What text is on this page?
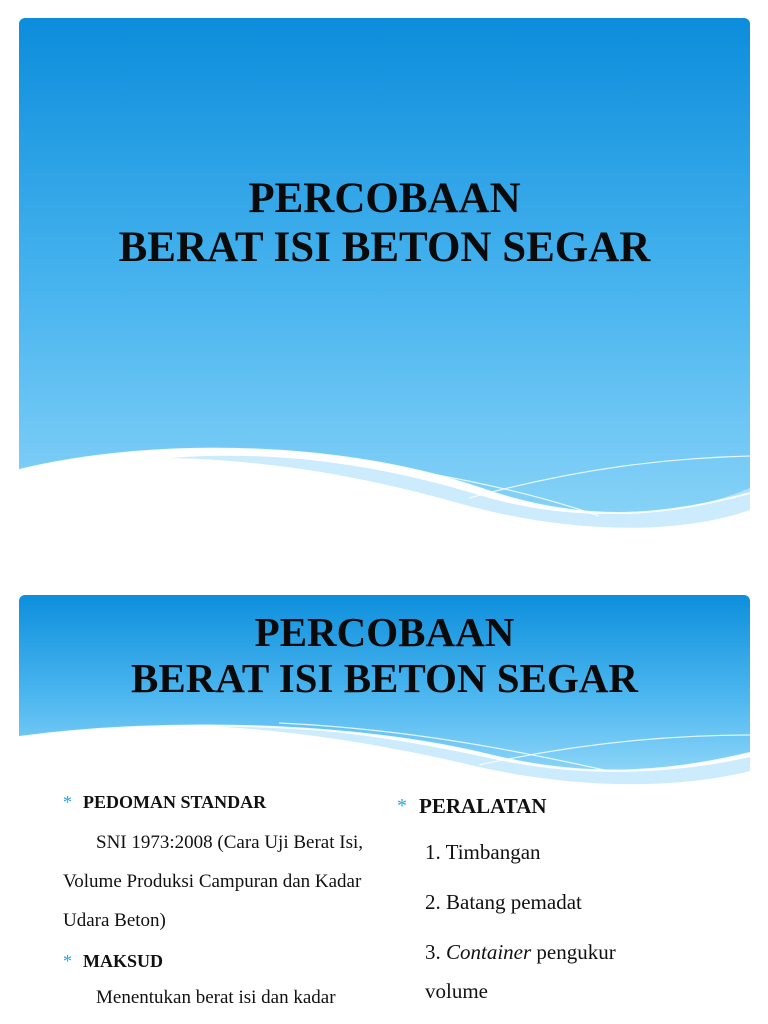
PERCOBAAN
BERAT ISI BETON SEGAR
PERCOBAAN
BERAT ISI BETON SEGAR
* PEDOMAN STANDAR
SNI 1973:2008 (Cara Uji Berat Isi, Volume Produksi Campuran dan Kadar Udara Beton)
* MAKSUD
Menentukan berat isi dan kadar
* PERALATAN
1. Timbangan
2. Batang pemadat
3. Container pengukur
volume
